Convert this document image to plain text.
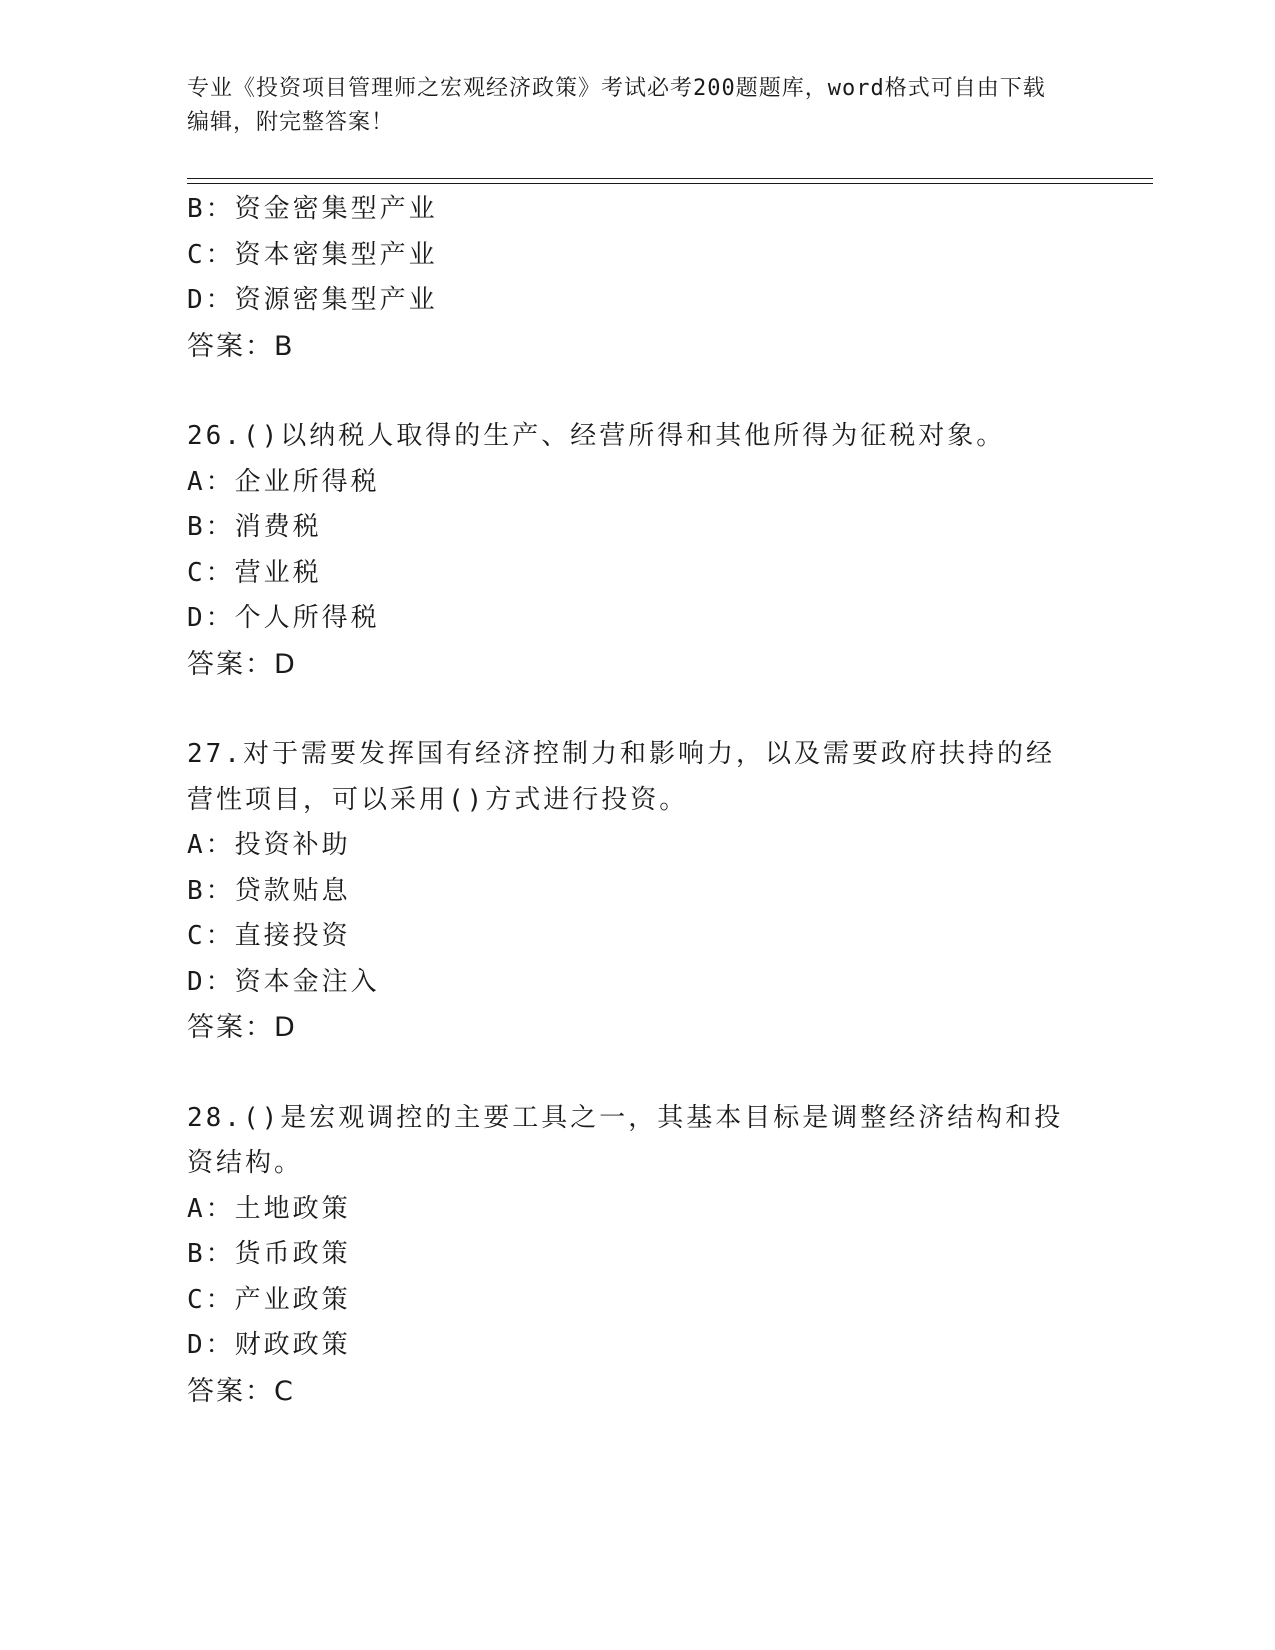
专业《投资项目管理师之宏观经济政策》考试必考200题题库，word格式可自由下载编辑，附完整答案！
B：资金密集型产业
C：资本密集型产业
D：资源密集型产业
答案：B
26.()以纳税人取得的生产、经营所得和其他所得为征税对象。
A：企业所得税
B：消费税
C：营业税
D：个人所得税
答案：D
27.对于需要发挥国有经济控制力和影响力，以及需要政府扶持的经营性项目，可以采用()方式进行投资。
A：投资补助
B：贷款贴息
C：直接投资
D：资本金注入
答案：D
28.()是宏观调控的主要工具之一，其基本目标是调整经济结构和投资结构。
A：土地政策
B：货币政策
C：产业政策
D：财政政策
答案：C
